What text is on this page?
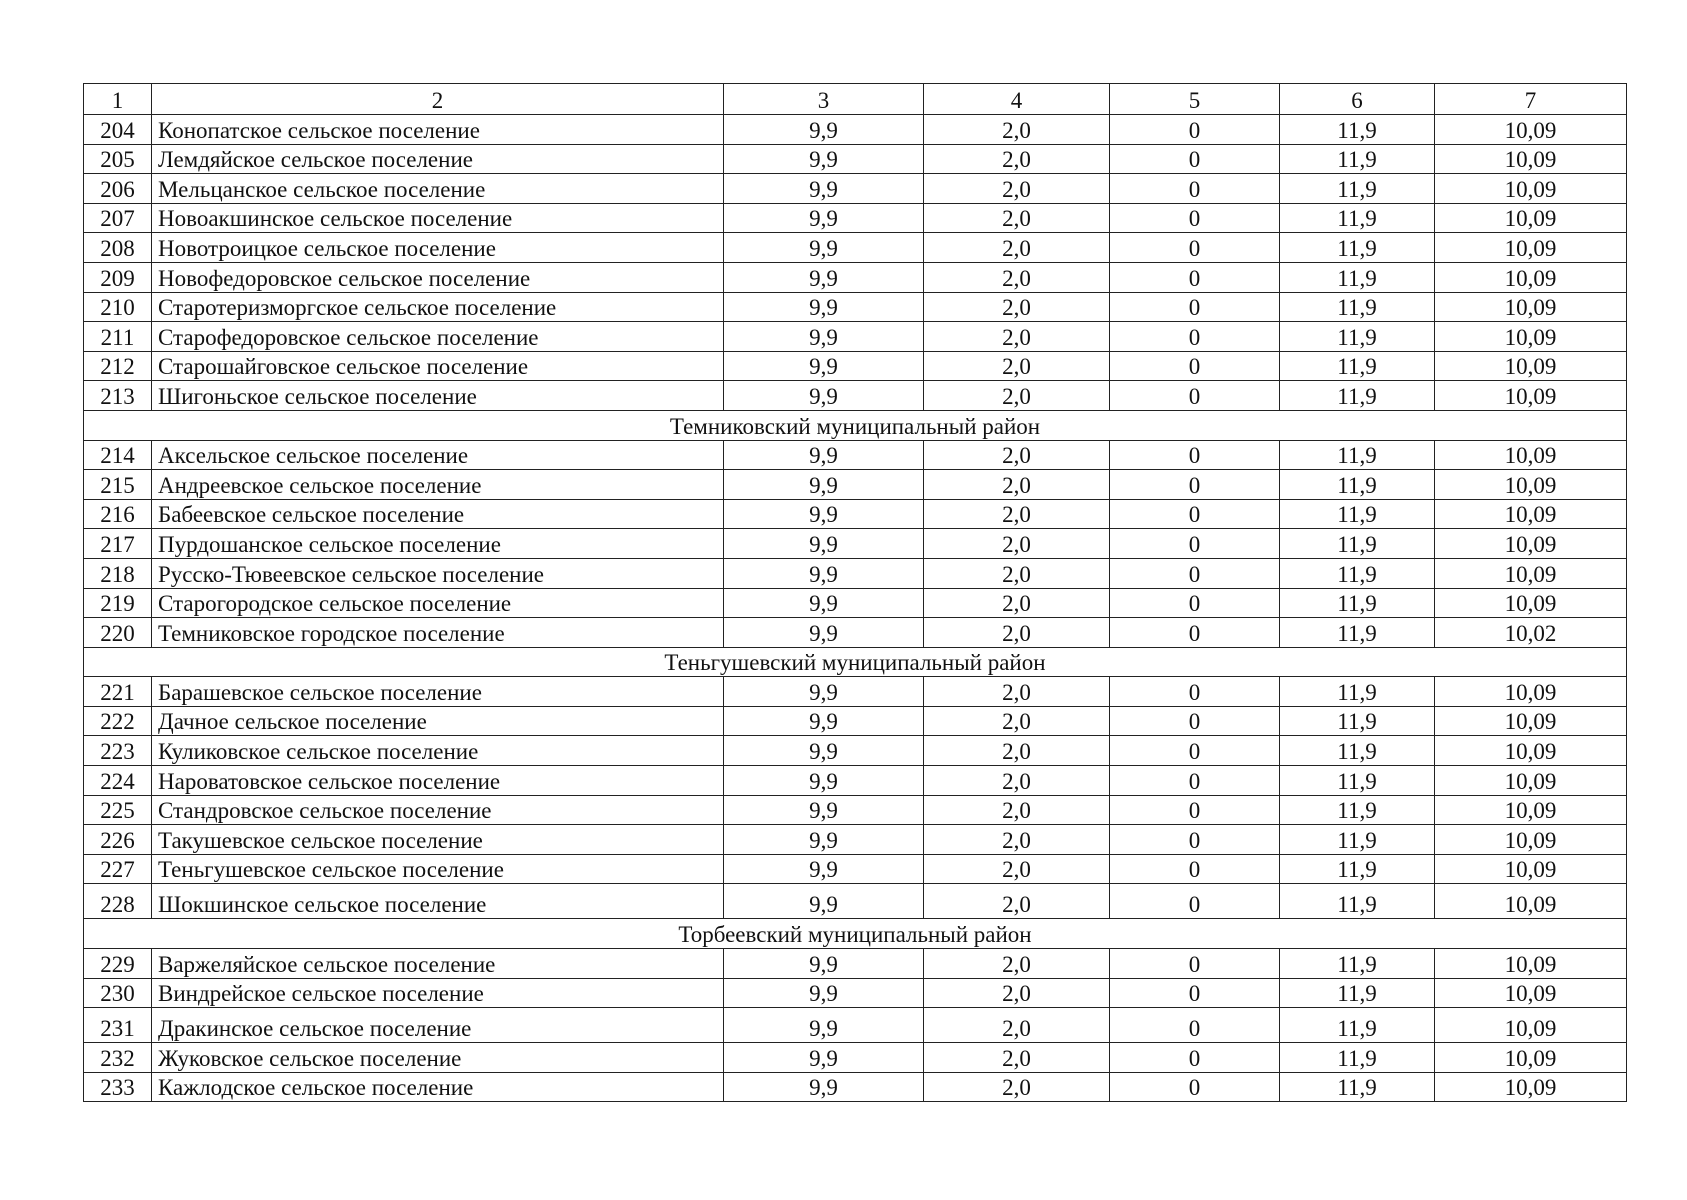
1	2	3	4	5	6	7
204	Конопатское сельское поселение	9,9	2,0	0	11,9	10,09
205	Лемдяйское сельское поселение	9,9	2,0	0	11,9	10,09
206	Мельцанское сельское поселение	9,9	2,0	0	11,9	10,09
207	Новоакшинское сельское поселение	9,9	2,0	0	11,9	10,09
208	Новотроицкое сельское поселение	9,9	2,0	0	11,9	10,09
209	Новофедоровское сельское поселение	9,9	2,0	0	11,9	10,09
210	Старотеризморгское сельское поселение	9,9	2,0	0	11,9	10,09
211	Старофедоровское сельское поселение	9,9	2,0	0	11,9	10,09
212	Старошайговское сельское поселение	9,9	2,0	0	11,9	10,09
213	Шигоньское сельское поселение	9,9	2,0	0	11,9	10,09
Темниковский муниципальный район						
214	Аксельское сельское поселение	9,9	2,0	0	11,9	10,09
215	Андреевское сельское поселение	9,9	2,0	0	11,9	10,09
216	Бабеевское сельское поселение	9,9	2,0	0	11,9	10,09
217	Пурдошанское сельское поселение	9,9	2,0	0	11,9	10,09
218	Русско-Тювеевское сельское поселение	9,9	2,0	0	11,9	10,09
219	Старогородское сельское поселение	9,9	2,0	0	11,9	10,09
220	Темниковское городское поселение	9,9	2,0	0	11,9	10,02
Теньгушевский муниципальный район						
221	Барашевское сельское поселение	9,9	2,0	0	11,9	10,09
222	Дачное сельское поселение	9,9	2,0	0	11,9	10,09
223	Куликовское сельское поселение	9,9	2,0	0	11,9	10,09
224	Нароватовское сельское поселение	9,9	2,0	0	11,9	10,09
225	Стандровское сельское поселение	9,9	2,0	0	11,9	10,09
226	Такушевское сельское поселение	9,9	2,0	0	11,9	10,09
227	Теньгушевское сельское поселение	9,9	2,0	0	11,9	10,09
228	Шокшинское сельское поселение	9,9	2,0	0	11,9	10,09
Торбеевский муниципальный район						
229	Варжеляйское сельское поселение	9,9	2,0	0	11,9	10,09
230	Виндрейское сельское поселение	9,9	2,0	0	11,9	10,09
231	Дракинское сельское поселение	9,9	2,0	0	11,9	10,09
232	Жуковское сельское поселение	9,9	2,0	0	11,9	10,09
233	Кажлодское сельское поселение	9,9	2,0	0	11,9	10,09
